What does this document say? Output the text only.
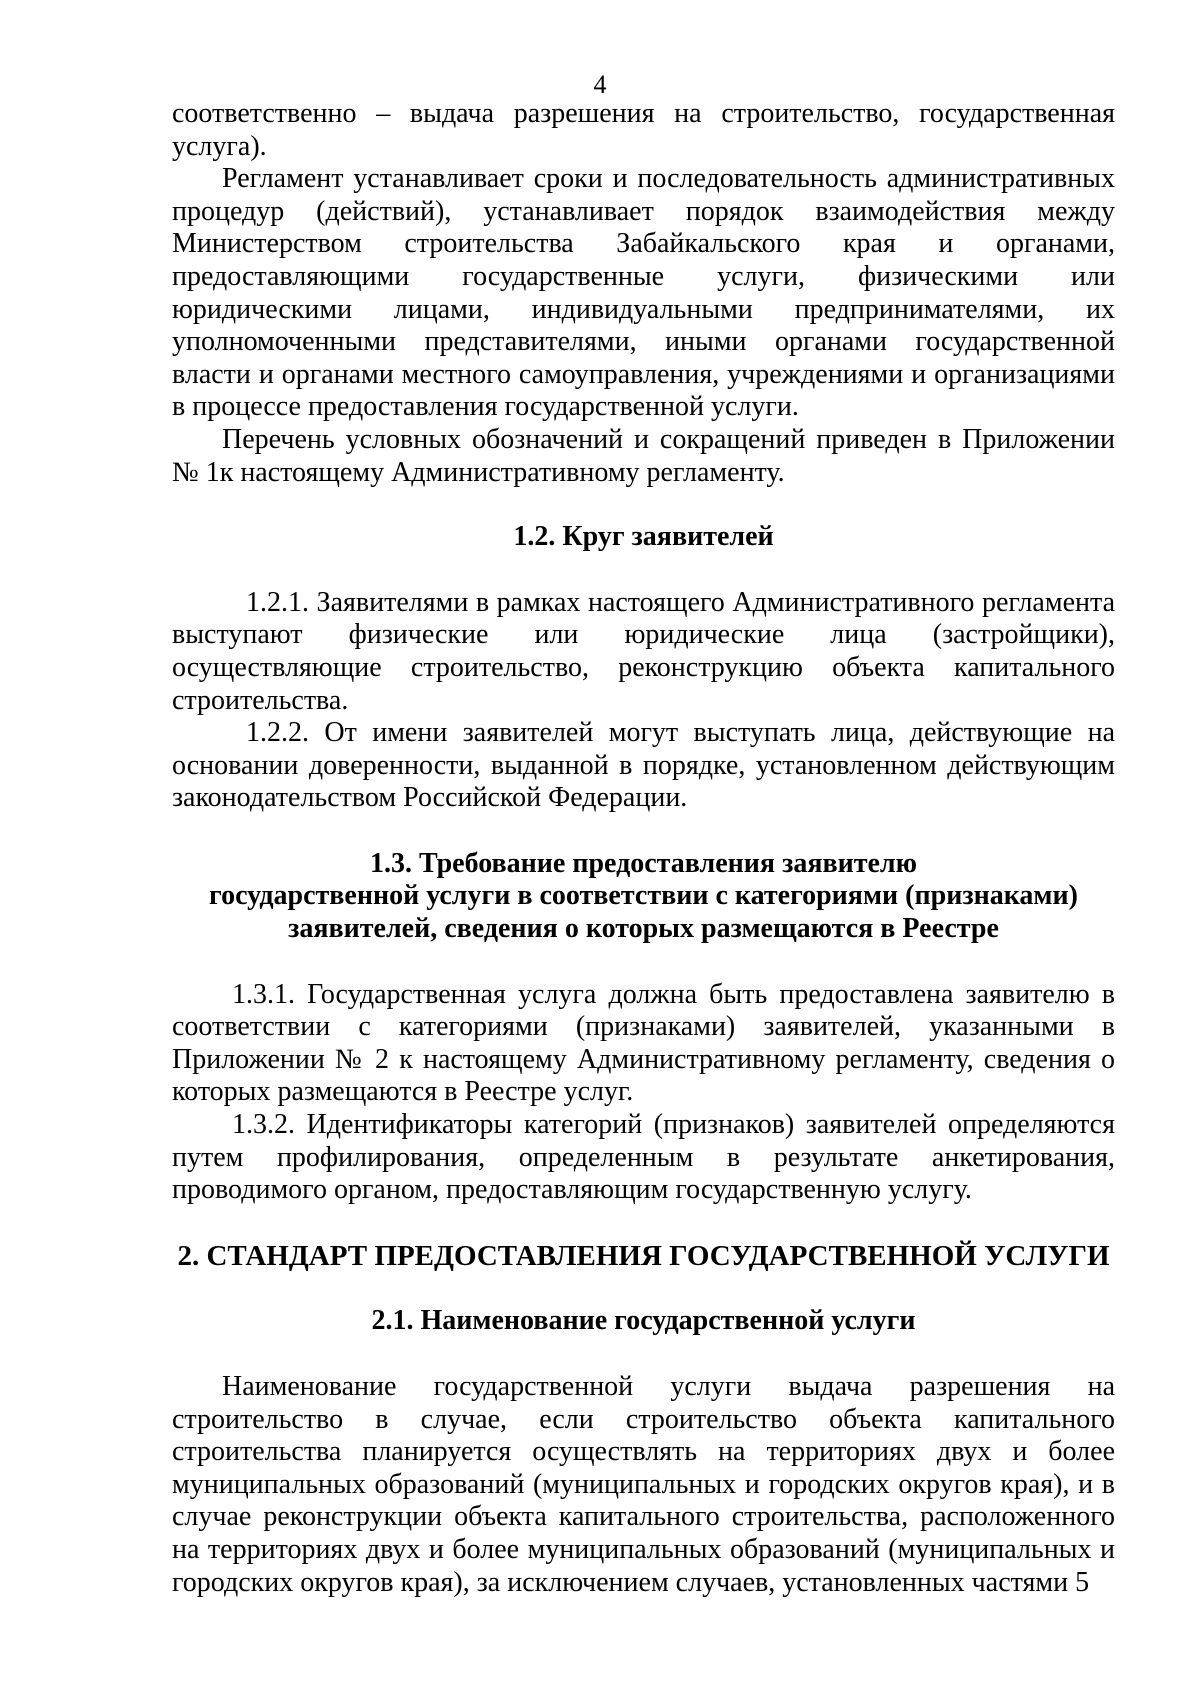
4

соответственно – выдача разрешения на строительство, государственная услуга).

Регламент устанавливает сроки и последовательность административных процедур (действий), устанавливает порядок взаимодействия между Министерством строительства Забайкальского края и органами, предоставляющими государственные услуги, физическими или юридическими лицами, индивидуальными предпринимателями, их уполномоченными представителями, иными органами государственной власти и органами местного самоуправления, учреждениями и организациями в процессе предоставления государственной услуги.

Перечень условных обозначений и сокращений приведен в Приложении № 1к настоящему Административному регламенту.

1.2. Круг заявителей

1.2.1. Заявителями в рамках настоящего Административного регламента выступают физические или юридические лица (застройщики), осуществляющие строительство, реконструкцию объекта капитального строительства.

1.2.2. От имени заявителей могут выступать лица, действующие на основании доверенности, выданной в порядке, установленном действующим законодательством Российской Федерации.

1.3. Требование предоставления заявителю
государственной услуги в соответствии с категориями (признаками)
заявителей, сведения о которых размещаются в Реестре

1.3.1. Государственная услуга должна быть предоставлена заявителю в соответствии с категориями (признаками) заявителей, указанными в Приложении № 2 к настоящему Административному регламенту, сведения о которых размещаются в Реестре услуг.

1.3.2. Идентификаторы категорий (признаков) заявителей определяются путем профилирования, определенным в результате анкетирования, проводимого органом, предоставляющим государственную услугу.

2. СТАНДАРТ ПРЕДОСТАВЛЕНИЯ ГОСУДАРСТВЕННОЙ УСЛУГИ
2.1. Наименование государственной услуги

Наименование государственной услуги выдача разрешения на строительство в случае, если строительство объекта капитального строительства планируется осуществлять на территориях двух и более муниципальных образований (муниципальных и городских округов края), и в случае реконструкции объекта капитального строительства, расположенного на территориях двух и более муниципальных образований (муниципальных и городских округов края), за исключением случаев, установленных частями 5
